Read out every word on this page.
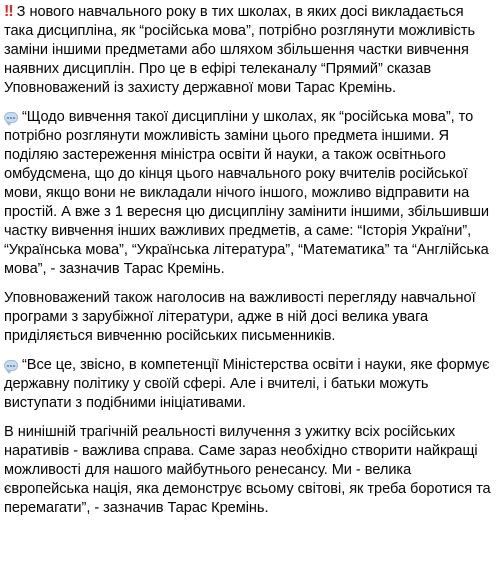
‼ З нового навчального року в тих школах, в яких досі викладається така дисципліна, як “російська мова”, потрібно розглянути можливість заміни іншими предметами або шляхом збільшення частки вивчення наявних дисциплін. Про це в ефірі телеканалу “Прямий” сказав Уповноважений із захисту державної мови Тарас Кремінь.

“Щодо вивчення такої дисципліни у школах, як “російська мова”, то потрібно розглянути можливість заміни цього предмета іншими. Я поділяю застереження міністра освіти й науки, а також освітнього омбудсмена, що до кінця цього навчального року вчителів російської мови, якщо вони не викладали нічого іншого, можливо відправити на простій. А вже з 1 вересня цю дисципліну замінити іншими, збільшивши частку вивчення інших важливих предметів, а саме: “Історія України”, “Українська мова”, “Українська література”, “Математика” та “Англійська мова”, - зазначив Тарас Кремінь.

Уповноважений також наголосив на важливості перегляду навчальної програми з зарубіжної літератури, адже в ній досі велика увага приділяється вивченню російських письменників.

“Все це, звісно, в компетенції Міністерства освіти і науки, яке формує державну політику у своїй сфері. Але і вчителі, і батьки можуть виступати з подібними ініціативами.

В нинішній трагічній реальності вилучення з ужитку всіх російських наративів - важлива справа. Саме зараз необхідно створити найкращі можливості для нашого майбутнього ренесансу. Ми - велика європейська нація, яка демонструє всьому світові, як треба боротися та перемагати”, - зазначив Тарас Кремінь.
